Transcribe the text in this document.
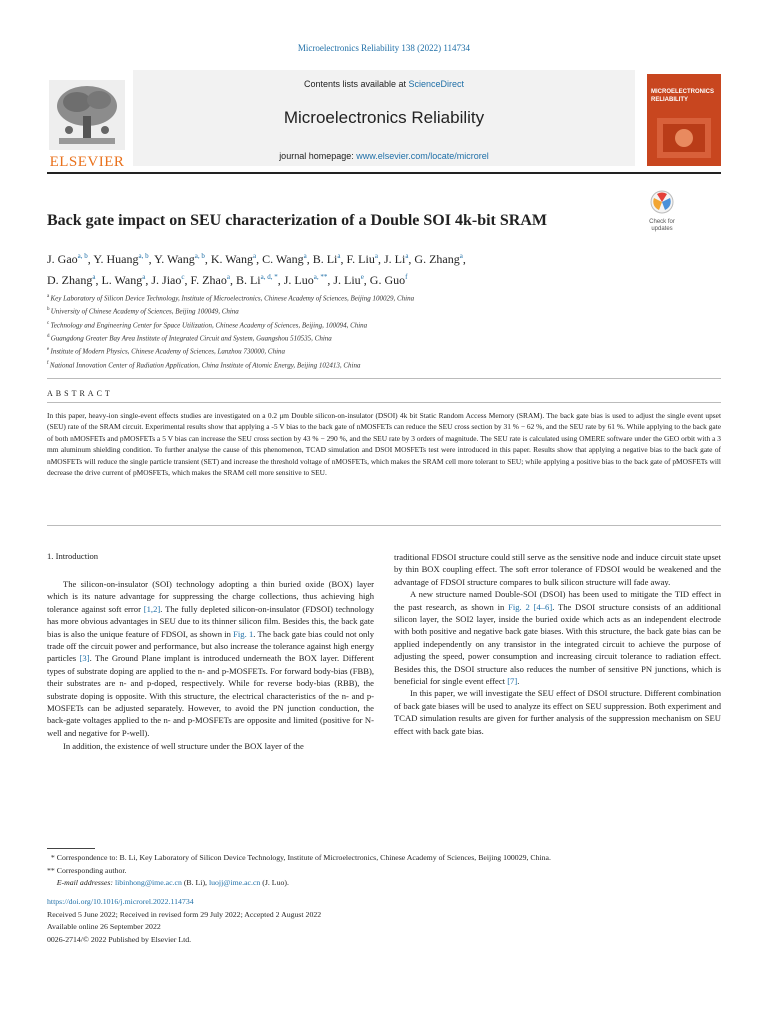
Microelectronics Reliability 138 (2022) 114734
ELSEVIER
Contents lists available at ScienceDirect
Microelectronics Reliability
journal homepage: www.elsevier.com/locate/microrel
MICROELECTRONICS RELIABILITY
Check for updates
Back gate impact on SEU characterization of a Double SOI 4k-bit SRAM
J. Gao$^{a, b}$, Y. Huang$^{a, b}$, Y. Wang$^{a, b}$, K. Wang$^a$, C. Wang$^a$, B. Li$^a$, F. Liu$^a$, J. Li$^a$, G. Zhang$^a$,
D. Zhang$^a$, L. Wang$^a$, J. Jiao$^c$, F. Zhao$^a$, B. $Li^{a, d, *}$, J. Luo$^{a, **}$, J. Liu$^e$, G. Guo$^f$
$^a$ Key Laboratory of Silicon Device Technology, Institute of Microelectronics, Chinese Academy of Sciences, Beijing 100029, China
$^b$ University of Chinese Academy of Sciences, Beijing 100049, China
$^c$ Technology and Engineering Center for Space Utilization, Chinese Academy of Sciences, Beijing, 100094, China
$^d$ Guangdong Greater Bay Area Institute of Integrated Circuit and System, Guangshou 510535, China
$^e$ Institute of Modern Physics, Chinese Academy of Sciences, Lanzhou 730000, China
$^f$ National Innovation Center of Radiation Application, China Institute of Atomic Energy, Beijing 102413, China
ABSTRACT
In this paper, heavy-ion single-event effects studies are investigated on a 0.2 μm Double silicon-on-insulator (DSOI) 4k bit Static Random Access Memory (SRAM). The back gate bias is used to adjust the single event upset (SEU) rate of the SRAM circuit. Experimental results show that applying a -5 V bias to the back gate of nMOSFETs can reduce the SEU cross section by 31 % − 62 %, and the SEU rate by 61 %. While applying to the back gate of both nMOSFETs and pMOSFETs a 5 V bias can increase the SEU cross section by 43 % − 290 %, and the SEU rate by 3 orders of magnitude. The SEU rate is calculated using OMERE software under the GEO orbit with a 3 mm aluminum shielding condition. To further analyse the cause of this phenomenon, TCAD simulation and DSOI MOSFETs test were introduced in this paper. Results show that applying a negative bias to the back gate of nMOSFETs will reduce the single particle transient (SET) and increase the threshold voltage of nMOSFETs, which makes the SRAM cell more tolerant to SEU; while applying a positive bias to the back gate of pMOSFETs will decrease the drive current of pMOSFETs, which makes the SRAM cell more sensitive to SEU.
1. Introduction

The silicon-on-insulator (SOI) technology adopting a thin buried oxide (BOX) layer which is its nature advantage for suppressing the charge collections, thus achieving high tolerance against soft error [1,2]. The fully depleted silicon-on-insulator (FDSOI) technology has more obvious advantages in SEU due to its thinner silicon film. Besides this, the back gate bias is also the unique feature of FDSOI, as shown in Fig. 1. The back gate bias could not only trade off the circuit power and performance, but also increase the tolerance against high energy particles [3]. The Ground Plane implant is introduced underneath the BOX layer. Different types of substrate doping are applied to the n- and p-MOSFETs. For forward body-bias (FBB), their substrates are n- and p-doped, respectively. While for reverse body-bias (RBB), the substrate doping is opposite. With this structure, the electrical characteristics of the n- and p-MOSFETs can be adjusted separately. However, to avoid the PN junction conduction, the back-gate voltages applied to the n- and p-MOSFETs are opposite and limited (positive for N-well and negative for P-well).

In addition, the existence of well structure under the BOX layer of the

traditional FDSOI structure could still serve as the sensitive node and induce circuit state upset by thin BOX coupling effect. The soft error tolerance of FDSOI would be weakened and the advantage of FDSOI structure compares to bulk silicon structure will fade away.

A new structure named Double-SOI (DSOI) has been used to mitigate the TID effect in the past research, as shown in Fig. 2 [4–6]. The DSOI structure consists of an additional silicon layer, the SOI2 layer, inside the buried oxide which acts as an independent electrode with both positive and negative back gate biases. With this structure, the back gate bias can be applied independently on any transistor in the integrated circuit to achieve the purpose of adjusting the speed, power consumption and increasing circuit tolerance to radiation effect. Besides this, the DSOI structure also reduces the number of sensitive PN junctions, which is beneficial for single event effect [7].

In this paper, we will investigate the SEU effect of DSOI structure. Different combination of back gate biases will be used to analyze its effect on SEU suppression. Both experiment and TCAD simulation results are given for further analysis of the suppression mechanism on SEU effect with back gate bias.

* Correspondence to: B. Li, Key Laboratory of Silicon Device Technology, Institute of Microelectronics, Chinese Academy of Sciences, Beijing 100029, China.
** Corresponding author.
E-mail addresses: libinhong@ime.ac.cn (B. Li), luojj@ime.ac.cn (J. Luo).
https://doi.org/10.1016/j.microrel.2022.114734
Received 5 June 2022; Received in revised form 29 July 2022; Accepted 2 August 2022
Available online 26 September 2022
0026-2714/© 2022 Published by Elsevier Ltd.
